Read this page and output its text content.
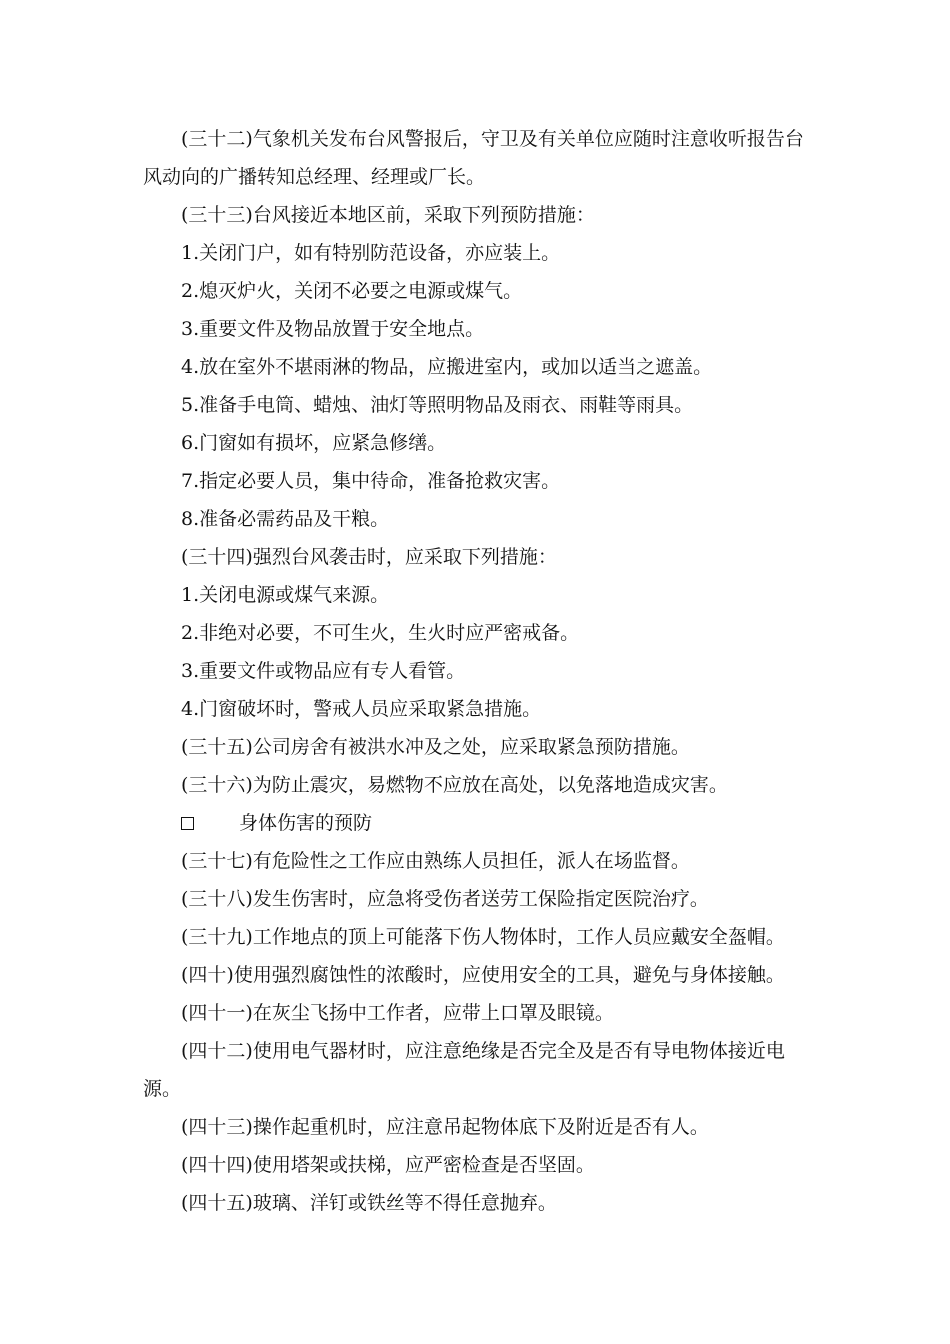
(三十二)气象机关发布台风警报后，守卫及有关单位应随时注意收听报告台风动向的广播转知总经理、经理或厂长。

(三十三)台风接近本地区前，采取下列预防措施：

1.关闭门户，如有特别防范设备，亦应装上。

2.熄灭炉火，关闭不必要之电源或煤气。

3.重要文件及物品放置于安全地点。

4.放在室外不堪雨淋的物品，应搬进室内，或加以适当之遮盖。

5.准备手电筒、蜡烛、油灯等照明物品及雨衣、雨鞋等雨具。

6.门窗如有损坏，应紧急修缮。

7.指定必要人员，集中待命，准备抢救灾害。

8.准备必需药品及干粮。

(三十四)强烈台风袭击时，应采取下列措施：

1.关闭电源或煤气来源。

2.非绝对必要，不可生火，生火时应严密戒备。

3.重要文件或物品应有专人看管。

4.门窗破坏时，警戒人员应采取紧急措施。

(三十五)公司房舍有被洪水冲及之处，应采取紧急预防措施。

(三十六)为防止震灾，易燃物不应放在高处，以免落地造成灾害。

身体伤害的预防

(三十七)有危险性之工作应由熟练人员担任，派人在场监督。

(三十八)发生伤害时，应急将受伤者送劳工保险指定医院治疗。

(三十九)工作地点的顶上可能落下伤人物体时，工作人员应戴安全盔帽。

(四十)使用强烈腐蚀性的浓酸时，应使用安全的工具，避免与身体接触。

(四十一)在灰尘飞扬中工作者，应带上口罩及眼镜。

(四十二)使用电气器材时，应注意绝缘是否完全及是否有导电物体接近电源。

(四十三)操作起重机时，应注意吊起物体底下及附近是否有人。

(四十四)使用塔架或扶梯，应严密检查是否坚固。

(四十五)玻璃、洋钉或铁丝等不得任意抛弃。
